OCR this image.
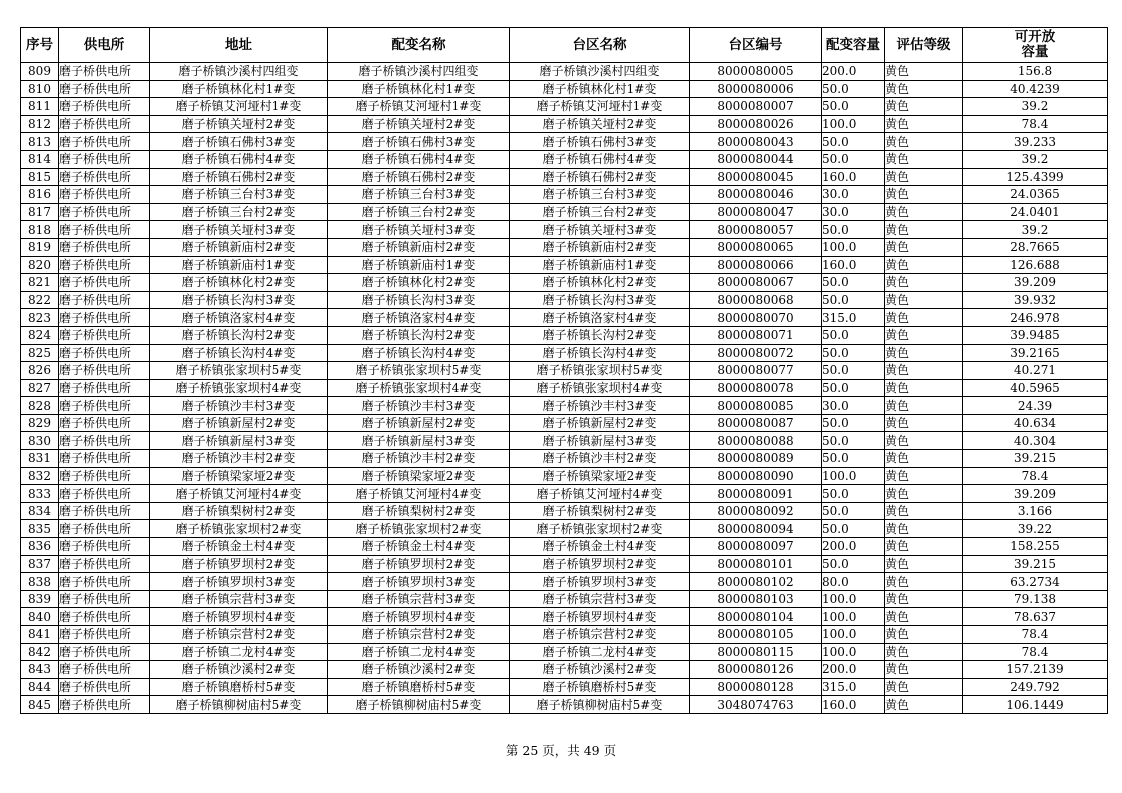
序号	供电所	地址	配变名称	台区名称	台区编号	配变容量	评估等级	可开放
容量
809	磨子桥供电所	磨子桥镇沙溪村四组变	磨子桥镇沙溪村四组变	磨子桥镇沙溪村四组变	8000080005	200.0	黄色	156.8
810	磨子桥供电所	磨子桥镇林化村1#变	磨子桥镇林化村1#变	磨子桥镇林化村1#变	8000080006	50.0	黄色	40.4239
811	磨子桥供电所	磨子桥镇艾河垭村1#变	磨子桥镇艾河垭村1#变	磨子桥镇艾河垭村1#变	8000080007	50.0	黄色	39.2
812	磨子桥供电所	磨子桥镇关垭村2#变	磨子桥镇关垭村2#变	磨子桥镇关垭村2#变	8000080026	100.0	黄色	78.4
813	磨子桥供电所	磨子桥镇石佛村3#变	磨子桥镇石佛村3#变	磨子桥镇石佛村3#变	8000080043	50.0	黄色	39.233
814	磨子桥供电所	磨子桥镇石佛村4#变	磨子桥镇石佛村4#变	磨子桥镇石佛村4#变	8000080044	50.0	黄色	39.2
815	磨子桥供电所	磨子桥镇石佛村2#变	磨子桥镇石佛村2#变	磨子桥镇石佛村2#变	8000080045	160.0	黄色	125.4399
816	磨子桥供电所	磨子桥镇三台村3#变	磨子桥镇三台村3#变	磨子桥镇三台村3#变	8000080046	30.0	黄色	24.0365
817	磨子桥供电所	磨子桥镇三台村2#变	磨子桥镇三台村2#变	磨子桥镇三台村2#变	8000080047	30.0	黄色	24.0401
818	磨子桥供电所	磨子桥镇关垭村3#变	磨子桥镇关垭村3#变	磨子桥镇关垭村3#变	8000080057	50.0	黄色	39.2
819	磨子桥供电所	磨子桥镇新庙村2#变	磨子桥镇新庙村2#变	磨子桥镇新庙村2#变	8000080065	100.0	黄色	28.7665
820	磨子桥供电所	磨子桥镇新庙村1#变	磨子桥镇新庙村1#变	磨子桥镇新庙村1#变	8000080066	160.0	黄色	126.688
821	磨子桥供电所	磨子桥镇林化村2#变	磨子桥镇林化村2#变	磨子桥镇林化村2#变	8000080067	50.0	黄色	39.209
822	磨子桥供电所	磨子桥镇长沟村3#变	磨子桥镇长沟村3#变	磨子桥镇长沟村3#变	8000080068	50.0	黄色	39.932
823	磨子桥供电所	磨子桥镇洛家村4#变	磨子桥镇洛家村4#变	磨子桥镇洛家村4#变	8000080070	315.0	黄色	246.978
824	磨子桥供电所	磨子桥镇长沟村2#变	磨子桥镇长沟村2#变	磨子桥镇长沟村2#变	8000080071	50.0	黄色	39.9485
825	磨子桥供电所	磨子桥镇长沟村4#变	磨子桥镇长沟村4#变	磨子桥镇长沟村4#变	8000080072	50.0	黄色	39.2165
826	磨子桥供电所	磨子桥镇张家坝村5#变	磨子桥镇张家坝村5#变	磨子桥镇张家坝村5#变	8000080077	50.0	黄色	40.271
827	磨子桥供电所	磨子桥镇张家坝村4#变	磨子桥镇张家坝村4#变	磨子桥镇张家坝村4#变	8000080078	50.0	黄色	40.5965
828	磨子桥供电所	磨子桥镇沙丰村3#变	磨子桥镇沙丰村3#变	磨子桥镇沙丰村3#变	8000080085	30.0	黄色	24.39
829	磨子桥供电所	磨子桥镇新屋村2#变	磨子桥镇新屋村2#变	磨子桥镇新屋村2#变	8000080087	50.0	黄色	40.634
830	磨子桥供电所	磨子桥镇新屋村3#变	磨子桥镇新屋村3#变	磨子桥镇新屋村3#变	8000080088	50.0	黄色	40.304
831	磨子桥供电所	磨子桥镇沙丰村2#变	磨子桥镇沙丰村2#变	磨子桥镇沙丰村2#变	8000080089	50.0	黄色	39.215
832	磨子桥供电所	磨子桥镇梁家垭2#变	磨子桥镇梁家垭2#变	磨子桥镇梁家垭2#变	8000080090	100.0	黄色	78.4
833	磨子桥供电所	磨子桥镇艾河垭村4#变	磨子桥镇艾河垭村4#变	磨子桥镇艾河垭村4#变	8000080091	50.0	黄色	39.209
834	磨子桥供电所	磨子桥镇梨树村2#变	磨子桥镇梨树村2#变	磨子桥镇梨树村2#变	8000080092	50.0	黄色	3.166
835	磨子桥供电所	磨子桥镇张家坝村2#变	磨子桥镇张家坝村2#变	磨子桥镇张家坝村2#变	8000080094	50.0	黄色	39.22
836	磨子桥供电所	磨子桥镇金土村4#变	磨子桥镇金土村4#变	磨子桥镇金土村4#变	8000080097	200.0	黄色	158.255
837	磨子桥供电所	磨子桥镇罗坝村2#变	磨子桥镇罗坝村2#变	磨子桥镇罗坝村2#变	8000080101	50.0	黄色	39.215
838	磨子桥供电所	磨子桥镇罗坝村3#变	磨子桥镇罗坝村3#变	磨子桥镇罗坝村3#变	8000080102	80.0	黄色	63.2734
839	磨子桥供电所	磨子桥镇宗营村3#变	磨子桥镇宗营村3#变	磨子桥镇宗营村3#变	8000080103	100.0	黄色	79.138
840	磨子桥供电所	磨子桥镇罗坝村4#变	磨子桥镇罗坝村4#变	磨子桥镇罗坝村4#变	8000080104	100.0	黄色	78.637
841	磨子桥供电所	磨子桥镇宗营村2#变	磨子桥镇宗营村2#变	磨子桥镇宗营村2#变	8000080105	100.0	黄色	78.4
842	磨子桥供电所	磨子桥镇二龙村4#变	磨子桥镇二龙村4#变	磨子桥镇二龙村4#变	8000080115	100.0	黄色	78.4
843	磨子桥供电所	磨子桥镇沙溪村2#变	磨子桥镇沙溪村2#变	磨子桥镇沙溪村2#变	8000080126	200.0	黄色	157.2139
844	磨子桥供电所	磨子桥镇磨桥村5#变	磨子桥镇磨桥村5#变	磨子桥镇磨桥村5#变	8000080128	315.0	黄色	249.792
845	磨子桥供电所	磨子桥镇柳树庙村5#变	磨子桥镇柳树庙村5#变	磨子桥镇柳树庙村5#变	3048074763	160.0	黄色	106.1449
第 25 页，共 49 页
